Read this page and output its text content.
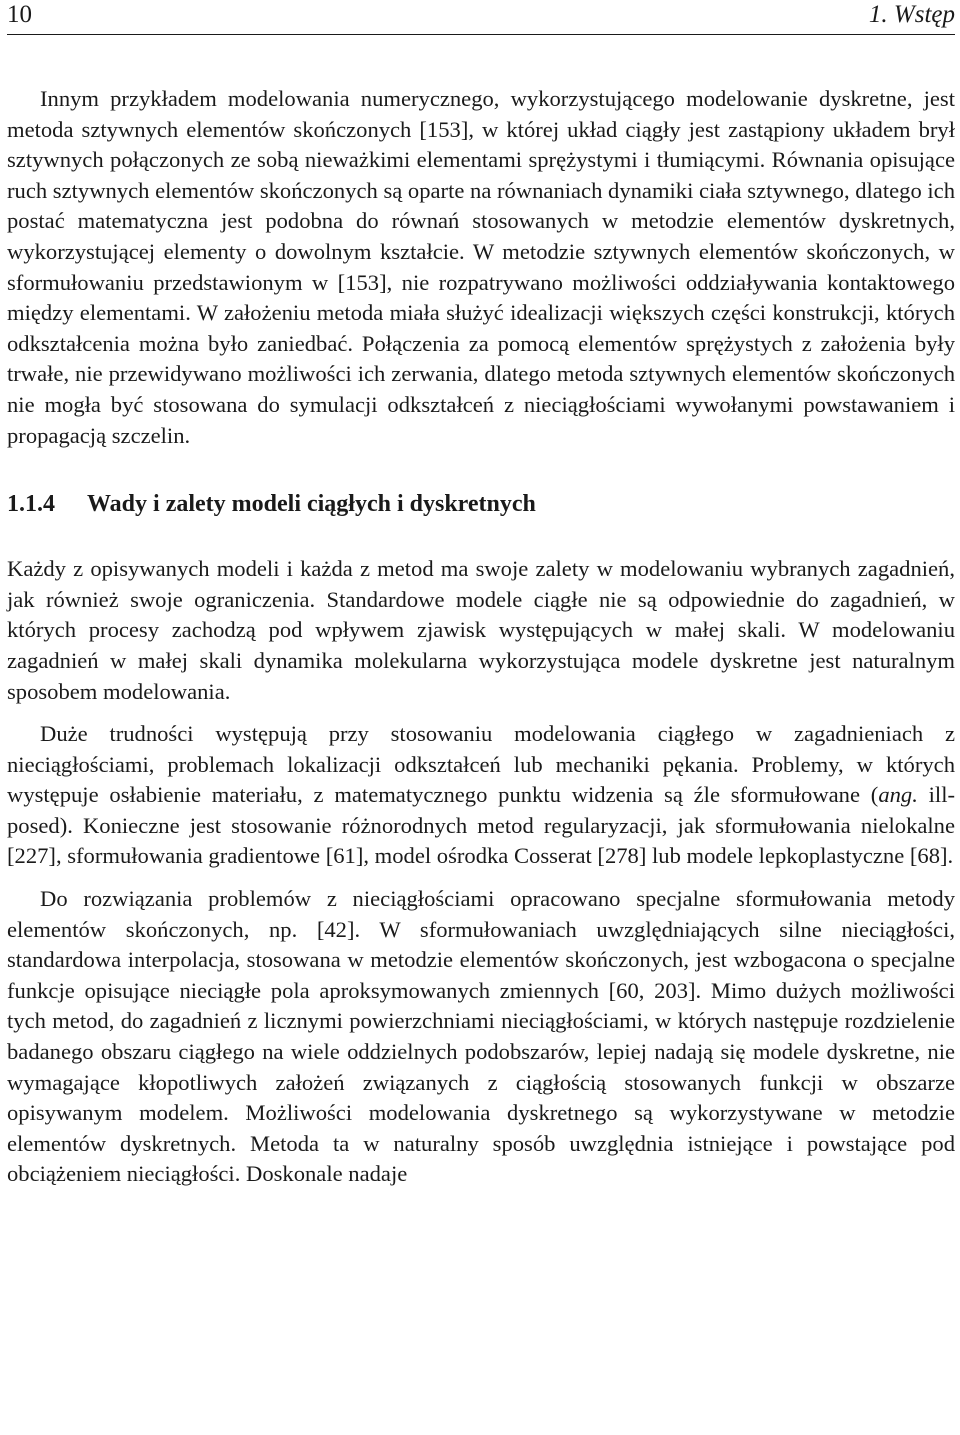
10	1. Wstęp

Innym przykładem modelowania numerycznego, wykorzystującego modelowanie dyskretne, jest metoda sztywnych elementów skończonych [153], w której układ ciągły jest zastąpiony układem brył sztywnych połączonych ze sobą nieważkimi elementami sprężystymi i tłumiącymi. Równania opisujące ruch sztywnych elementów skończonych są oparte na równaniach dynamiki ciała sztywnego, dlatego ich postać matematyczna jest podobna do równań stosowanych w metodzie elementów dyskretnych, wykorzystującej elementy o dowolnym kształcie. W metodzie sztywnych elementów skończonych, w sformułowaniu przedstawionym w [153], nie rozpatrywano możliwości oddziaływania kontaktowego między elementami. W założeniu metoda miała służyć idealizacji większych części konstrukcji, których odkształcenia można było zaniedbać. Połączenia za pomocą elementów sprężystych z założenia były trwałe, nie przewidywano możliwości ich zerwania, dlatego metoda sztywnych elementów skończonych nie mogła być stosowana do symulacji odkształceń z nieciągłościami wywołanymi powstawaniem i propagacją szczelin.

1.1.4 Wady i zalety modeli ciągłych i dyskretnych

Każdy z opisywanych modeli i każda z metod ma swoje zalety w modelowaniu wybranych zagadnień, jak również swoje ograniczenia. Standardowe modele ciągłe nie są odpowiednie do zagadnień, w których procesy zachodzą pod wpływem zjawisk występujących w małej skali. W modelowaniu zagadnień w małej skali dynamika molekularna wykorzystująca modele dyskretne jest naturalnym sposobem modelowania.

Duże trudności występują przy stosowaniu modelowania ciągłego w zagadnieniach z nieciągłościami, problemach lokalizacji odkształceń lub mechaniki pękania. Problemy, w których występuje osłabienie materiału, z matematycznego punktu widzenia są źle sformułowane (ang. ill-posed). Konieczne jest stosowanie różnorodnych metod regularyzacji, jak sformułowania nielokalne [227], sformułowania gradientowe [61], model ośrodka Cosserat [278] lub modele lepkoplastyczne [68].

Do rozwiązania problemów z nieciągłościami opracowano specjalne sformułowania metody elementów skończonych, np. [42]. W sformułowaniach uwzględniających silne nieciągłości, standardowa interpolacja, stosowana w metodzie elementów skończonych, jest wzbogacona o specjalne funkcje opisujące nieciągłe pola aproksymowanych zmiennych [60, 203]. Mimo dużych możliwości tych metod, do zagadnień z licznymi powierzchniami nieciągłościami, w których następuje rozdzielenie badanego obszaru ciągłego na wiele oddzielnych podobszarów, lepiej nadają się modele dyskretne, nie wymagające kłopotliwych założeń związanych z ciągłością stosowanych funkcji w obszarze opisywanym modelem. Możliwości modelowania dyskretnego są wykorzystywane w metodzie elementów dyskretnych. Metoda ta w naturalny sposób uwzględnia istniejące i powstające pod obciążeniem nieciągłości. Doskonale nadaje
